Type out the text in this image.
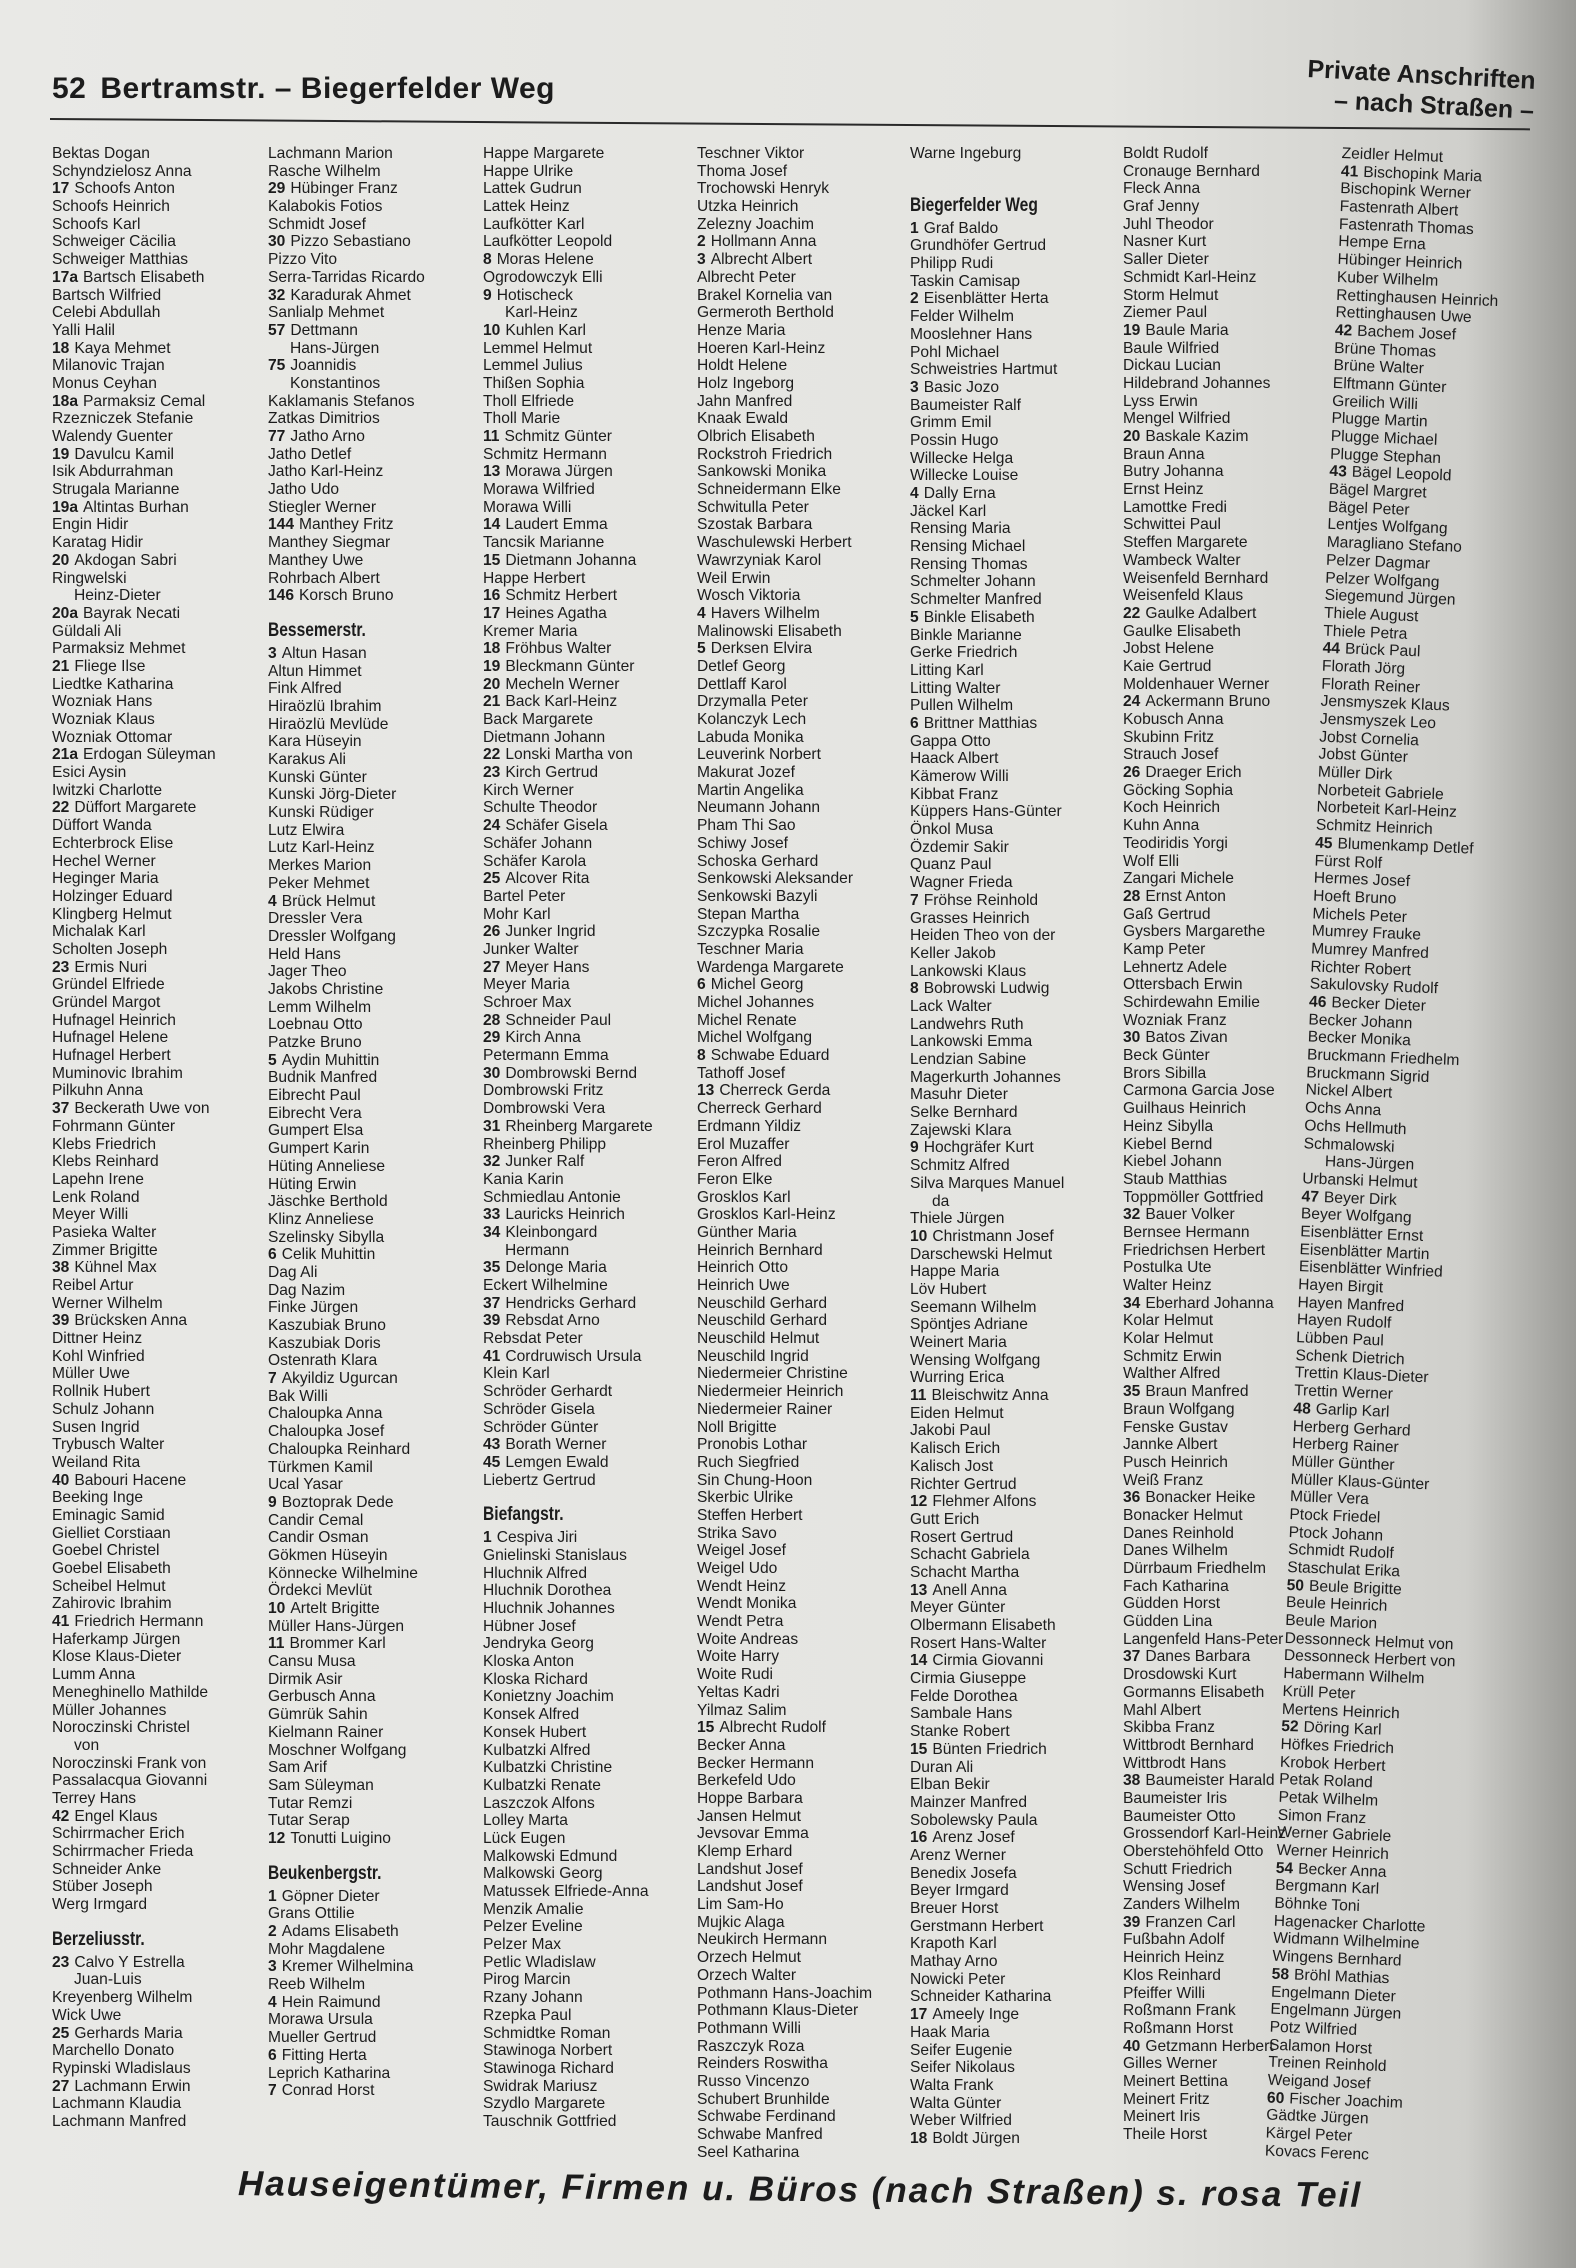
52 Bertramstr. – Biegerfelder Weg	Private Anschriften
– nach Straßen –
Bektas Dogan
Schyndzielosz Anna
17 Schoofs Anton
Schoofs Heinrich
Schoofs Karl
Schweiger Cäcilia
Schweiger Matthias
17a Bartsch Elisabeth
Bartsch Wilfried
Celebi Abdullah
Yalli Halil
18 Kaya Mehmet
Milanovic Trajan
Monus Ceyhan
18a Parmaksiz Cemal
Rzezniczek Stefanie
Walendy Guenter
19 Davulcu Kamil
Isik Abdurrahman
Strugala Marianne
19a Altintas Burhan
Engin Hidir
Karatag Hidir
20 Akdogan Sabri
Ringwelski
Heinz-Dieter
20a Bayrak Necati
Güldali Ali
Parmaksiz Mehmet
21 Fliege Ilse
Liedtke Katharina
Wozniak Hans
Wozniak Klaus
Wozniak Ottomar
21a Erdogan Süleyman
Esici Aysin
Iwitzki Charlotte
22 Düffort Margarete
Düffort Wanda
Echterbrock Elise
Hechel Werner
Heginger Maria
Holzinger Eduard
Klingberg Helmut
Michalak Karl
Scholten Joseph
23 Ermis Nuri
Gründel Elfriede
Gründel Margot
Hufnagel Heinrich
Hufnagel Helene
Hufnagel Herbert
Muminovic Ibrahim
Pilkuhn Anna
37 Beckerath Uwe von
Fohrmann Günter
Klebs Friedrich
Klebs Reinhard
Lapehn Irene
Lenk Roland
Meyer Willi
Pasieka Walter
Zimmer Brigitte
38 Kühnel Max
Reibel Artur
Werner Wilhelm
39 Brücksken Anna
Dittner Heinz
Kohl Winfried
Müller Uwe
Rollnik Hubert
Schulz Johann
Susen Ingrid
Trybusch Walter
Weiland Rita
40 Babouri Hacene
Beeking Inge
Eminagic Samid
Gielliet Corstiaan
Goebel Christel
Goebel Elisabeth
Scheibel Helmut
Zahirovic Ibrahim
41 Friedrich Hermann
Haferkamp Jürgen
Klose Klaus-Dieter
Lumm Anna
Meneghinello Mathilde
Müller Johannes
Noroczinski Christel
von
Noroczinski Frank von
Passalacqua Giovanni
Terrey Hans
42 Engel Klaus
Schirrmacher Erich
Schirrmacher Frieda
Schneider Anke
Stüber Joseph
Werg Irmgard
Berzeliusstr.
23 Calvo Y Estrella
Juan-Luis
Kreyenberg Wilhelm
Wick Uwe
25 Gerhards Maria
Marchello Donato
Rypinski Wladislaus
27 Lachmann Erwin
Lachmann Klaudia
Lachmann Manfred
Lachmann Marion
Rasche Wilhelm
29 Hübinger Franz
Kalabokis Fotios
Schmidt Josef
30 Pizzo Sebastiano
Pizzo Vito
Serra-Tarridas Ricardo
32 Karadurak Ahmet
Sanlialp Mehmet
57 Dettmann
Hans-Jürgen
75 Joannidis
Konstantinos
Kaklamanis Stefanos
Zatkas Dimitrios
77 Jatho Arno
Jatho Detlef
Jatho Karl-Heinz
Jatho Udo
Stiegler Werner
144 Manthey Fritz
Manthey Siegmar
Manthey Uwe
Rohrbach Albert
146 Korsch Bruno
Bessemerstr.
3 Altun Hasan
Altun Himmet
Fink Alfred
Hiraözlü Ibrahim
Hiraözlü Mevlüde
Kara Hüseyin
Karakus Ali
Kunski Günter
Kunski Jörg-Dieter
Kunski Rüdiger
Lutz Elwira
Lutz Karl-Heinz
Merkes Marion
Peker Mehmet
4 Brück Helmut
Dressler Vera
Dressler Wolfgang
Held Hans
Jager Theo
Jakobs Christine
Lemm Wilhelm
Loebnau Otto
Patzke Bruno
5 Aydin Muhittin
Budnik Manfred
Eibrecht Paul
Eibrecht Vera
Gumpert Elsa
Gumpert Karin
Hüting Anneliese
Hüting Erwin
Jäschke Berthold
Klinz Anneliese
Szelinsky Sibylla
6 Celik Muhittin
Dag Ali
Dag Nazim
Finke Jürgen
Kaszubiak Bruno
Kaszubiak Doris
Ostenrath Klara
7 Akyildiz Ugurcan
Bak Willi
Chaloupka Anna
Chaloupka Josef
Chaloupka Reinhard
Türkmen Kamil
Ucal Yasar
9 Boztoprak Dede
Candir Cemal
Candir Osman
Gökmen Hüseyin
Könnecke Wilhelmine
Ördekci Mevlüt
10 Artelt Brigitte
Müller Hans-Jürgen
11 Brommer Karl
Cansu Musa
Dirmik Asir
Gerbusch Anna
Gümrük Sahin
Kielmann Rainer
Moschner Wolfgang
Sam Arif
Sam Süleyman
Tutar Remzi
Tutar Serap
12 Tonutti Luigino
Beukenbergstr.
1 Göpner Dieter
Grans Ottilie
2 Adams Elisabeth
Mohr Magdalene
3 Kremer Wilhelmina
Reeb Wilhelm
4 Hein Raimund
Morawa Ursula
Mueller Gertrud
6 Fitting Herta
Leprich Katharina
7 Conrad Horst
Happe Margarete
Happe Ulrike
Lattek Gudrun
Lattek Heinz
Laufkötter Karl
Laufkötter Leopold
8 Moras Helene
Ogrodowczyk Elli
9 Hotischeck
Karl-Heinz
10 Kuhlen Karl
Lemmel Helmut
Lemmel Julius
Thißen Sophia
Tholl Elfriede
Tholl Marie
11 Schmitz Günter
Schmitz Hermann
13 Morawa Jürgen
Morawa Wilfried
Morawa Willi
14 Laudert Emma
Tancsik Marianne
15 Dietmann Johanna
Happe Herbert
16 Schmitz Herbert
17 Heines Agatha
Kremer Maria
18 Fröhbus Walter
19 Bleckmann Günter
20 Mecheln Werner
21 Back Karl-Heinz
Back Margarete
Dietmann Johann
22 Lonski Martha von
23 Kirch Gertrud
Kirch Werner
Schulte Theodor
24 Schäfer Gisela
Schäfer Johann
Schäfer Karola
25 Alcover Rita
Bartel Peter
Mohr Karl
26 Junker Ingrid
Junker Walter
27 Meyer Hans
Meyer Maria
Schroer Max
28 Schneider Paul
29 Kirch Anna
Petermann Emma
30 Dombrowski Bernd
Dombrowski Fritz
Dombrowski Vera
31 Rheinberg Margarete
Rheinberg Philipp
32 Junker Ralf
Kania Karin
Schmiedlau Antonie
33 Lauricks Heinrich
34 Kleinbongard
Hermann
35 Delonge Maria
Eckert Wilhelmine
37 Hendricks Gerhard
39 Rebsdat Arno
Rebsdat Peter
41 Cordruwisch Ursula
Klein Karl
Schröder Gerhardt
Schröder Gisela
Schröder Günter
43 Borath Werner
45 Lemgen Ewald
Liebertz Gertrud
Biefangstr.
1 Cespiva Jiri
Gnielinski Stanislaus
Hluchnik Alfred
Hluchnik Dorothea
Hluchnik Johannes
Hübner Josef
Jendryka Georg
Kloska Anton
Kloska Richard
Konietzny Joachim
Konsek Alfred
Konsek Hubert
Kulbatzki Alfred
Kulbatzki Christine
Kulbatzki Renate
Laszczok Alfons
Lolley Marta
Lück Eugen
Malkowski Edmund
Malkowski Georg
Matussek Elfriede-Anna
Menzik Amalie
Pelzer Eveline
Pelzer Max
Petlic Wladislaw
Pirog Marcin
Rzany Johann
Rzepka Paul
Schmidtke Roman
Stawinoga Norbert
Stawinoga Richard
Swidrak Mariusz
Szydlo Margarete
Tauschnik Gottfried
Teschner Viktor
Thoma Josef
Trochowski Henryk
Utzka Heinrich
Zelezny Joachim
2 Hollmann Anna
3 Albrecht Albert
Albrecht Peter
Brakel Kornelia van
Germeroth Berthold
Henze Maria
Hoeren Karl-Heinz
Holdt Helene
Holz Ingeborg
Jahn Manfred
Knaak Ewald
Olbrich Elisabeth
Rockstroh Friedrich
Sankowski Monika
Schneidermann Elke
Schwitulla Peter
Szostak Barbara
Waschulewski Herbert
Wawrzyniak Karol
Weil Erwin
Wosch Viktoria
4 Havers Wilhelm
Malinowski Elisabeth
5 Derksen Elvira
Detlef Georg
Dettlaff Karol
Drzymalla Peter
Kolanczyk Lech
Labuda Monika
Leuverink Norbert
Makurat Jozef
Martin Angelika
Neumann Johann
Pham Thi Sao
Schiwy Josef
Schoska Gerhard
Senkowski Aleksander
Senkowski Bazyli
Stepan Martha
Szczypka Rosalie
Teschner Maria
Wardenga Margarete
6 Michel Georg
Michel Johannes
Michel Renate
Michel Wolfgang
8 Schwabe Eduard
Tathoff Josef
13 Cherreck Gerda
Cherreck Gerhard
Erdmann Yildiz
Erol Muzaffer
Feron Alfred
Feron Elke
Grosklos Karl
Grosklos Karl-Heinz
Günther Maria
Heinrich Bernhard
Heinrich Otto
Heinrich Uwe
Neuschild Gerhard
Neuschild Gerhard
Neuschild Helmut
Neuschild Ingrid
Niedermeier Christine
Niedermeier Heinrich
Niedermeier Rainer
Noll Brigitte
Pronobis Lothar
Ruch Siegfried
Sin Chung-Hoon
Skerbic Ulrike
Steffen Herbert
Strika Savo
Weigel Josef
Weigel Udo
Wendt Heinz
Wendt Monika
Wendt Petra
Woite Andreas
Woite Harry
Woite Rudi
Yeltas Kadri
Yilmaz Salim
15 Albrecht Rudolf
Becker Anna
Becker Hermann
Berkefeld Udo
Hoppe Barbara
Jansen Helmut
Jevsovar Emma
Klemp Erhard
Landshut Josef
Landshut Josef
Lim Sam-Ho
Mujkic Alaga
Neukirch Hermann
Orzech Helmut
Orzech Walter
Pothmann Hans-Joachim
Pothmann Klaus-Dieter
Pothmann Willi
Raszczyk Roza
Reinders Roswitha
Russo Vincenzo
Schubert Brunhilde
Schwabe Ferdinand
Schwabe Manfred
Seel Katharina
Warne Ingeburg
Biegerfelder Weg
1 Graf Baldo
Grundhöfer Gertrud
Philipp Rudi
Taskin Camisap
2 Eisenblätter Herta
Felder Wilhelm
Mooslehner Hans
Pohl Michael
Schweistries Hartmut
3 Basic Jozo
Baumeister Ralf
Grimm Emil
Possin Hugo
Willecke Helga
Willecke Louise
4 Dally Erna
Jäckel Karl
Rensing Maria
Rensing Michael
Rensing Thomas
Schmelter Johann
Schmelter Manfred
5 Binkle Elisabeth
Binkle Marianne
Gerke Friedrich
Litting Karl
Litting Walter
Pullen Wilhelm
6 Brittner Matthias
Gappa Otto
Haack Albert
Kämerow Willi
Kibbat Franz
Küppers Hans-Günter
Önkol Musa
Özdemir Sakir
Quanz Paul
Wagner Frieda
7 Fröhse Reinhold
Grasses Heinrich
Heiden Theo von der
Keller Jakob
Lankowski Klaus
8 Bobrowski Ludwig
Lack Walter
Landwehrs Ruth
Lankowski Emma
Lendzian Sabine
Magerkurth Johannes
Masuhr Dieter
Selke Bernhard
Zajewski Klara
9 Hochgräfer Kurt
Schmitz Alfred
Silva Marques Manuel
da
Thiele Jürgen
10 Christmann Josef
Darschewski Helmut
Happe Maria
Löv Hubert
Seemann Wilhelm
Spöntjes Adriane
Weinert Maria
Wensing Wolfgang
Wurring Erica
11 Bleischwitz Anna
Eiden Helmut
Jakobi Paul
Kalisch Erich
Kalisch Jost
Richter Gertrud
12 Flehmer Alfons
Gutt Erich
Rosert Gertrud
Schacht Gabriela
Schacht Martha
13 Anell Anna
Meyer Günter
Olbermann Elisabeth
Rosert Hans-Walter
14 Cirmia Giovanni
Cirmia Giuseppe
Felde Dorothea
Sambale Hans
Stanke Robert
15 Bünten Friedrich
Duran Ali
Elban Bekir
Mainzer Manfred
Sobolewsky Paula
16 Arenz Josef
Arenz Werner
Benedix Josefa
Beyer Irmgard
Breuer Horst
Gerstmann Herbert
Krapoth Karl
Mathay Arno
Nowicki Peter
Schneider Katharina
17 Ameely Inge
Haak Maria
Seifer Eugenie
Seifer Nikolaus
Walta Frank
Walta Günter
Weber Wilfried
18 Boldt Jürgen
Boldt Rudolf
Cronauge Bernhard
Fleck Anna
Graf Jenny
Juhl Theodor
Nasner Kurt
Saller Dieter
Schmidt Karl-Heinz
Storm Helmut
Ziemer Paul
19 Baule Maria
Baule Wilfried
Dickau Lucian
Hildebrand Johannes
Lyss Erwin
Mengel Wilfried
20 Baskale Kazim
Braun Anna
Butry Johanna
Ernst Heinz
Lamottke Fredi
Schwittei Paul
Steffen Margarete
Wambeck Walter
Weisenfeld Bernhard
Weisenfeld Klaus
22 Gaulke Adalbert
Gaulke Elisabeth
Jobst Helene
Kaie Gertrud
Moldenhauer Werner
24 Ackermann Bruno
Kobusch Anna
Skubinn Fritz
Strauch Josef
26 Draeger Erich
Göcking Sophia
Koch Heinrich
Kuhn Anna
Teodiridis Yorgi
Wolf Elli
Zangari Michele
28 Ernst Anton
Gaß Gertrud
Gysbers Margarethe
Kamp Peter
Lehnertz Adele
Ottersbach Erwin
Schirdewahn Emilie
Wozniak Franz
30 Batos Zivan
Beck Günter
Brors Sibilla
Carmona Garcia Jose
Guilhaus Heinrich
Heinz Sibylla
Kiebel Bernd
Kiebel Johann
Staub Matthias
Toppmöller Gottfried
32 Bauer Volker
Bernsee Hermann
Friedrichsen Herbert
Postulka Ute
Walter Heinz
34 Eberhard Johanna
Kolar Helmut
Kolar Helmut
Schmitz Erwin
Walther Alfred
35 Braun Manfred
Braun Wolfgang
Fenske Gustav
Jannke Albert
Pusch Heinrich
Weiß Franz
36 Bonacker Heike
Bonacker Helmut
Danes Reinhold
Danes Wilhelm
Dürrbaum Friedhelm
Fach Katharina
Güdden Horst
Güdden Lina
Langenfeld Hans-Peter
37 Danes Barbara
Drosdowski Kurt
Gormanns Elisabeth
Mahl Albert
Skibba Franz
Wittbrodt Bernhard
Wittbrodt Hans
38 Baumeister Harald
Baumeister Iris
Baumeister Otto
Grossendorf Karl-Heinz
Oberstehöhfeld Otto
Schutt Friedrich
Wensing Josef
Zanders Wilhelm
39 Franzen Carl
Fußbahn Adolf
Heinrich Heinz
Klos Reinhard
Pfeiffer Willi
Roßmann Frank
Roßmann Horst
40 Getzmann Herbert
Gilles Werner
Meinert Bettina
Meinert Fritz
Meinert Iris
Theile Horst
Zeidler Helmut
41 Bischopink Maria
Bischopink Werner
Fastenrath Albert
Fastenrath Thomas
Hempe Erna
Hübinger Heinrich
Kuber Wilhelm
Rettinghausen Heinrich
Rettinghausen Uwe
42 Bachem Josef
Brüne Thomas
Brüne Walter
Elftmann Günter
Greilich Willi
Plugge Martin
Plugge Michael
Plugge Stephan
43 Bägel Leopold
Bägel Margret
Bägel Peter
Lentjes Wolfgang
Maragliano Stefano
Pelzer Dagmar
Pelzer Wolfgang
Siegemund Jürgen
Thiele August
Thiele Petra
44 Brück Paul
Florath Jörg
Florath Reiner
Jensmyszek Klaus
Jensmyszek Leo
Jobst Cornelia
Jobst Günter
Müller Dirk
Norbeteit Gabriele
Norbeteit Karl-Heinz
Schmitz Heinrich
45 Blumenkamp Detlef
Fürst Rolf
Hermes Josef
Hoeft Bruno
Michels Peter
Mumrey Frauke
Mumrey Manfred
Richter Robert
Sakulovsky Rudolf
46 Becker Dieter
Becker Johann
Becker Monika
Bruckmann Friedhelm
Bruckmann Sigrid
Nickel Albert
Ochs Anna
Ochs Hellmuth
Schmalowski
Hans-Jürgen
Urbanski Helmut
47 Beyer Dirk
Beyer Wolfgang
Eisenblätter Ernst
Eisenblätter Martin
Eisenblätter Winfried
Hayen Birgit
Hayen Manfred
Hayen Rudolf
Lübben Paul
Schenk Dietrich
Trettin Klaus-Dieter
Trettin Werner
48 Garlip Karl
Herberg Gerhard
Herberg Rainer
Müller Günther
Müller Klaus-Günter
Müller Vera
Ptock Friedel
Ptock Johann
Schmidt Rudolf
Staschulat Erika
50 Beule Brigitte
Beule Heinrich
Beule Marion
Dessonneck Helmut von
Dessonneck Herbert von
Habermann Wilhelm
Krüll Peter
Mertens Heinrich
52 Döring Karl
Höfkes Friedrich
Krobok Herbert
Petak Roland
Petak Wilhelm
Simon Franz
Werner Gabriele
Werner Heinrich
54 Becker Anna
Bergmann Karl
Böhnke Toni
Hagenacker Charlotte
Widmann Wilhelmine
Wingens Bernhard
58 Bröhl Mathias
Engelmann Dieter
Engelmann Jürgen
Potz Wilfried
Salamon Horst
Treinen Reinhold
Weigand Josef
60 Fischer Joachim
Gädtke Jürgen
Kärgel Peter
Kovacs Ferenc
Hauseigentümer, Firmen u. Büros (nach Straßen) s. rosa Teil
